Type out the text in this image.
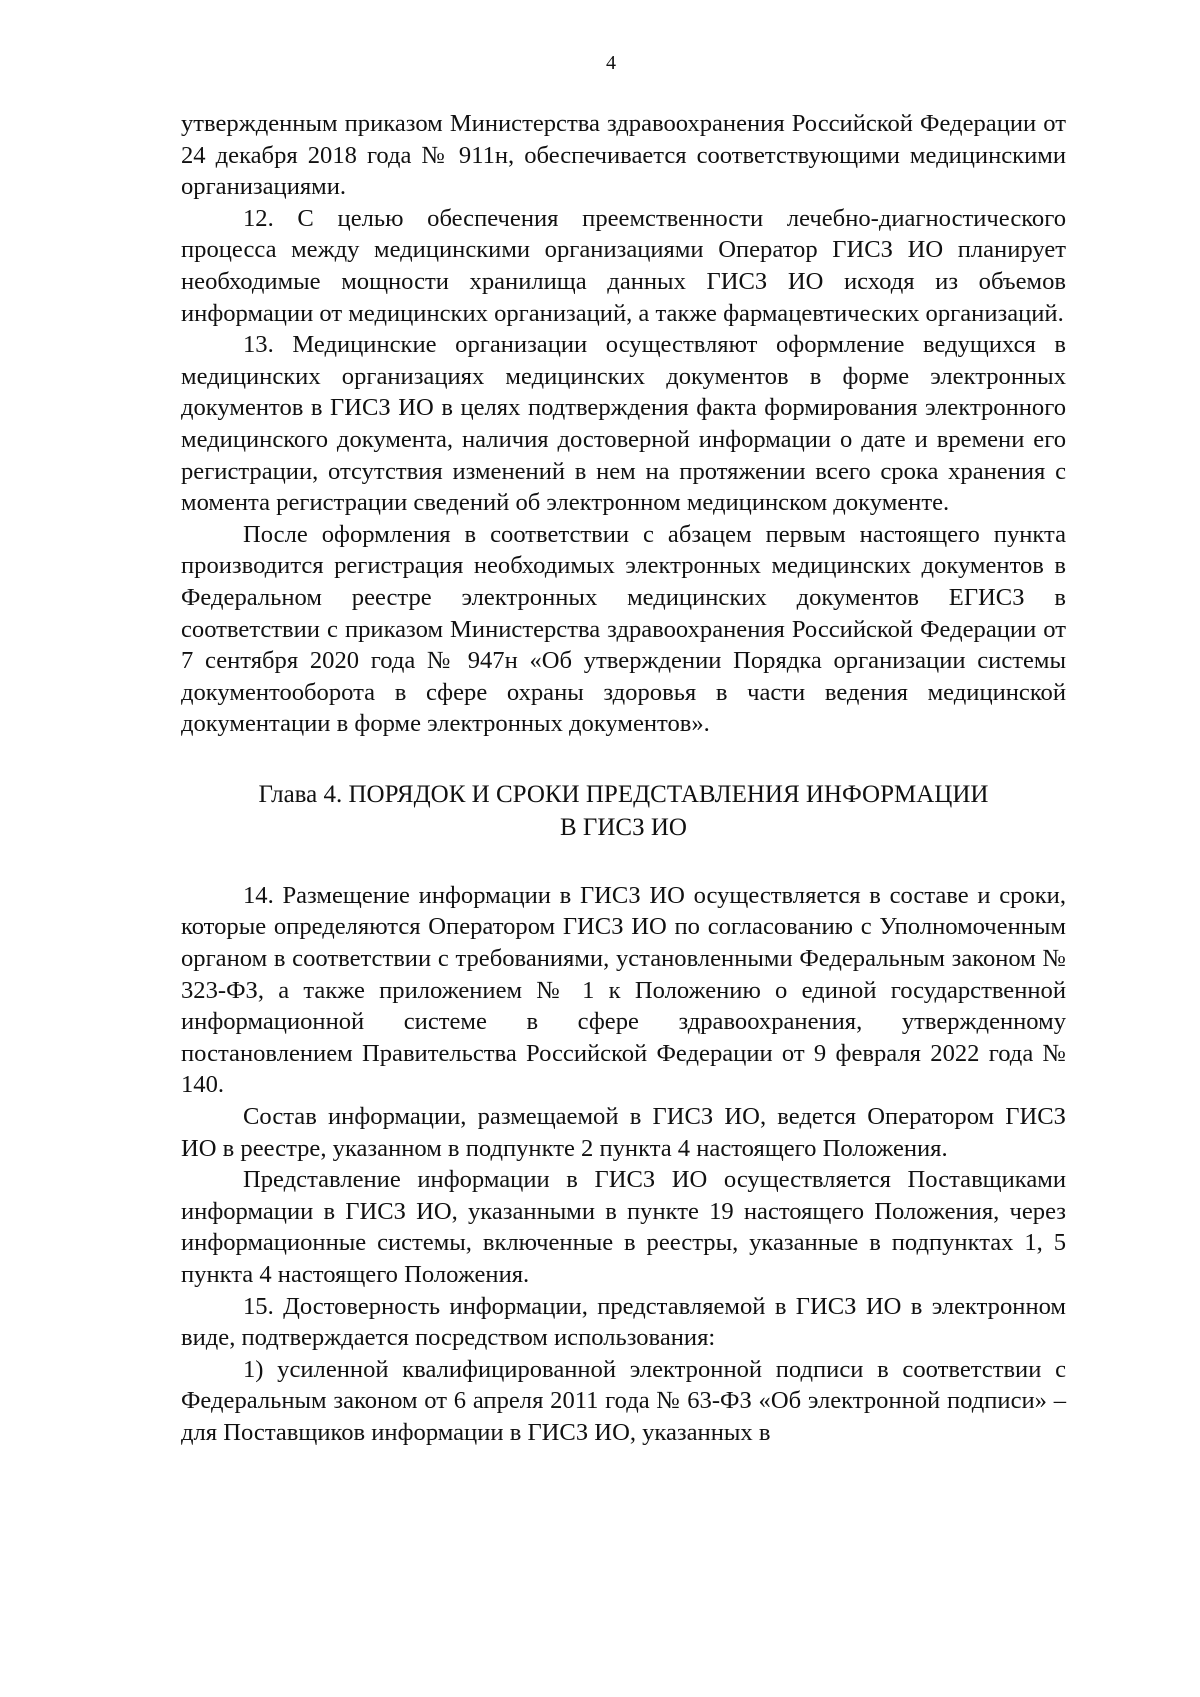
4

утвержденным приказом Министерства здравоохранения Российской Федерации от 24 декабря 2018 года № 911н, обеспечивается соответствующими медицинскими организациями.

12. С целью обеспечения преемственности лечебно-диагностического процесса между медицинскими организациями Оператор ГИСЗ ИО планирует необходимые мощности хранилища данных ГИСЗ ИО исходя из объемов информации от медицинских организаций, а также фармацевтических организаций.

13. Медицинские организации осуществляют оформление ведущихся в медицинских организациях медицинских документов в форме электронных документов в ГИСЗ ИО в целях подтверждения факта формирования электронного медицинского документа, наличия достоверной информации о дате и времени его регистрации, отсутствия изменений в нем на протяжении всего срока хранения с момента регистрации сведений об электронном медицинском документе.

После оформления в соответствии с абзацем первым настоящего пункта производится регистрация необходимых электронных медицинских документов в Федеральном реестре электронных медицинских документов ЕГИСЗ в соответствии с приказом Министерства здравоохранения Российской Федерации от 7 сентября 2020 года № 947н «Об утверждении Порядка организации системы документооборота в сфере охраны здоровья в части ведения медицинской документации в форме электронных документов».

Глава 4. ПОРЯДОК И СРОКИ ПРЕДСТАВЛЕНИЯ ИНФОРМАЦИИ
В ГИСЗ ИО

14. Размещение информации в ГИСЗ ИО осуществляется в составе и сроки, которые определяются Оператором ГИСЗ ИО по согласованию с Уполномоченным органом в соответствии с требованиями, установленными Федеральным законом № 323-ФЗ, а также приложением № 1 к Положению о единой государственной информационной системе в сфере здравоохранения, утвержденному постановлением Правительства Российской Федерации от 9 февраля 2022 года № 140.

Состав информации, размещаемой в ГИСЗ ИО, ведется Оператором ГИСЗ ИО в реестре, указанном в подпункте 2 пункта 4 настоящего Положения.

Представление информации в ГИСЗ ИО осуществляется Поставщиками информации в ГИСЗ ИО, указанными в пункте 19 настоящего Положения, через информационные системы, включенные в реестры, указанные в подпунктах 1, 5 пункта 4 настоящего Положения.

15. Достоверность информации, представляемой в ГИСЗ ИО в электронном виде, подтверждается посредством использования:

1) усиленной квалифицированной электронной подписи в соответствии с Федеральным законом от 6 апреля 2011 года № 63-ФЗ «Об электронной подписи» – для Поставщиков информации в ГИСЗ ИО, указанных в
